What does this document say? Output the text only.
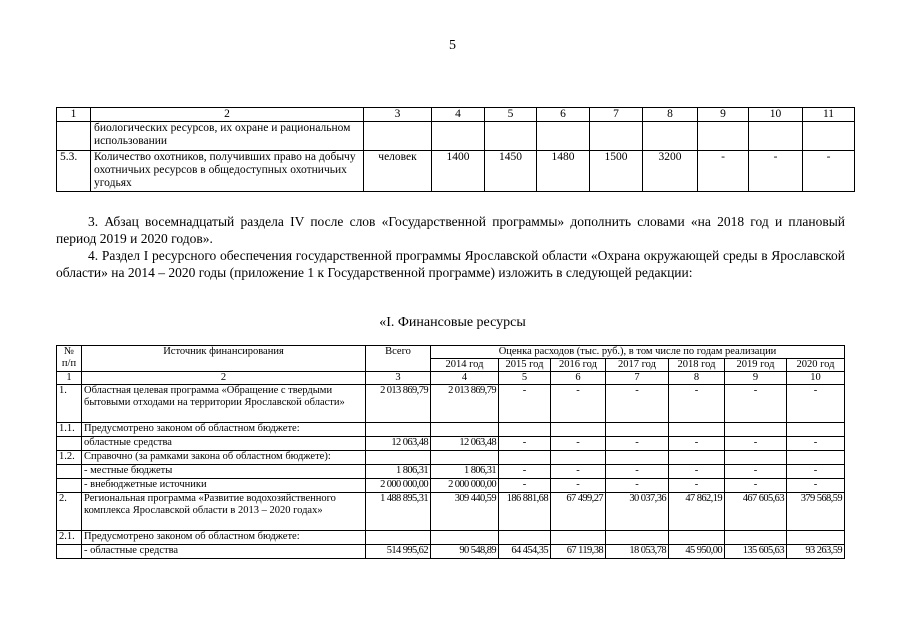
5
1	2	3	4	5	6	7	8	9	10	11
	биологических ресурсов, их охране и рациональном использовании									
5.3.	Количество охотников, получивших право на добычу охотничьих ресурсов в общедоступных охотничьих угодьях	человек	1400	1450	1480	1500	3200	-	-	-
3. Абзац восемнадцатый раздела IV после слов «Государственной программы» дополнить словами «на 2018 год и плановый период 2019 и 2020 годов».
4. Раздел I ресурсного обеспечения государственной программы Ярославской области «Охрана окружающей среды в Ярославской области» на 2014 – 2020 годы (приложение 1 к Государственной программе) изложить в следующей редакции:
«I. Финансовые ресурсы
№ п/п	Источник финансирования	Всего	Оценка расходов (тыс. руб.), в том числе по годам реализации						
			2014 год	2015 год	2016 год	2017 год	2018 год	2019 год	2020 год
1	2	3	4	5	6	7	8	9	10
1.	Областная целевая программа «Обращение с твердыми бытовыми отходами на территории Ярославской области»	2 013 869,79	2 013 869,79	-	-	-	-	-	-
1.1.	Предусмотрено законом об областном бюджете:								
	областные средства	12 063,48	12 063,48	-	-	-	-	-	-
1.2.	Справочно (за рамками закона об областном бюджете):								
	- местные бюджеты	1 806,31	1 806,31	-	-	-	-	-	-
	- внебюджетные источники	2 000 000,00	2 000 000,00	-	-	-	-	-	-
2.	Региональная программа «Развитие водохозяйственного комплекса Ярославской области в 2013 – 2020 годах»	1 488 895,31	309 440,59	186 881,68	67 499,27	30 037,36	47 862,19	467 605,63	379 568,59
2.1.	Предусмотрено законом об областном бюджете:								
	- областные средства	514 995,62	90 548,89	64 454,35	67 119,38	18 053,78	45 950,00	135 605,63	93 263,59
